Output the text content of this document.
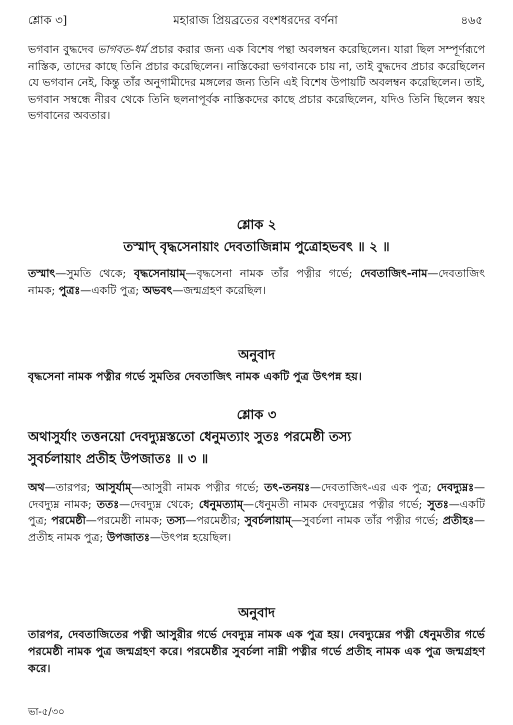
শ্লোক ৩]	মহারাজ প্রিয়ব্রতের বংশধরদের বর্ণনা	৪৬৫

ভগবান বুদ্ধদেব ভাগবত-ধর্ম প্রচার করার জন্য এক বিশেষ পন্থা অবলম্বন করেছিলেন। যারা ছিল সম্পূর্ণরূপে নাস্তিক, তাদের কাছে তিনি প্রচার করেছিলেন। নাস্তিকেরা ভগবানকে চায় না, তাই বুদ্ধদেব প্রচার করেছিলেন যে ভগবান নেই, কিন্তু তাঁর অনুগামীদের মঙ্গলের জন্য তিনি এই বিশেষ উপায়টি অবলম্বন করেছিলেন। তাই, ভগবান সম্বন্ধে নীরব থেকে তিনি ছলনাপূর্বক নাস্তিকদের কাছে প্রচার করেছিলেন, যদিও তিনি ছিলেন স্বয়ং ভগবানের অবতার।

শ্লোক ২
তস্মাদ্ বৃদ্ধসেনায়াং দেবতাজিন্নাম পুত্রোহভবৎ ॥ ২ ॥

তস্মাৎ—সুমতি থেকে; বৃদ্ধসেনায়াম্—বৃদ্ধসেনা নামক তাঁর পত্নীর গর্ভে; দেবতাজিৎ-নাম—দেবতাজিৎ নামক; পুত্রঃ—একটি পুত্র; অভবৎ—জন্মগ্রহণ করেছিল।

অনুবাদ

বৃদ্ধসেনা নামক পত্নীর গর্ভে সুমতির দেবতাজিৎ নামক একটি পুত্র উৎপন্ন হয়।

শ্লোক ৩
অথাসুর্যাং তত্তনয়ো দেবদ্যুম্নস্ততো ধেনুমত্যাং সুতঃ পরমেষ্ঠী তস্য
সুবর্চলায়াং প্রতীহ উপজাতঃ ॥ ৩ ॥

অথ—তারপর; আসুর্যাম্—আসুরী নামক পত্নীর গর্ভে; তৎ-তনয়ঃ—দেবতাজিৎ-এর এক পুত্র; দেবদ্যুম্নঃ—দেবদ্যুম্ন নামক; ততঃ—দেবদ্যুম্ন থেকে; ধেনুমত্যাম্—ধেনুমতী নামক দেবদ্যুম্নের পত্নীর গর্ভে; সুতঃ—একটি পুত্র; পরমেষ্ঠী—পরমেষ্ঠী নামক; তস্য—পরমেষ্ঠীর; সুবর্চলায়াম্—সুবর্চলা নামক তাঁর পত্নীর গর্ভে; প্রতীহঃ—প্রতীহ নামক পুত্র; উপজাতঃ—উৎপন্ন হয়েছিল।

অনুবাদ

তারপর, দেবতাজিতের পত্নী আসুরীর গর্ভে দেবদ্যুম্ন নামক এক পুত্র হয়। দেবদ্যুম্নের পত্নী ধেনুমতীর গর্ভে পরমেষ্ঠী নামক পুত্র জন্মগ্রহণ করে। পরমেষ্ঠীর সুবর্চলা নাম্নী পত্নীর গর্ভে প্রতীহ নামক এক পুত্র জন্মগ্রহণ করে।

ভা-৫/৩০
